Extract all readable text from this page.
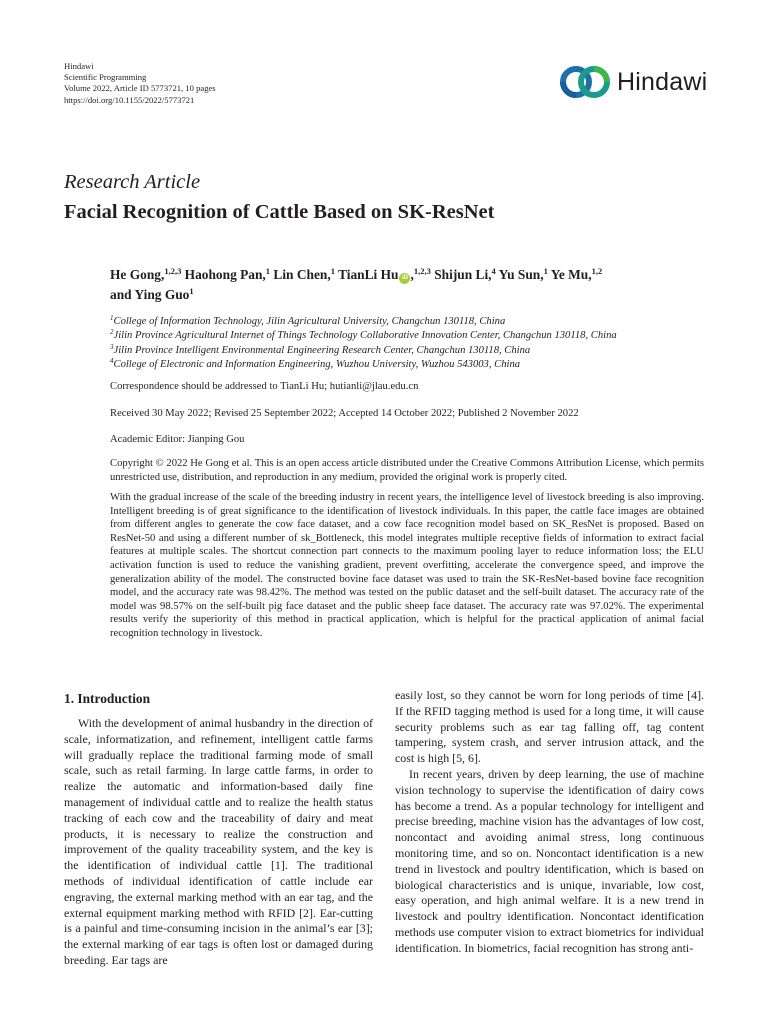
Hindawi
Scientific Programming
Volume 2022, Article ID 5773721, 10 pages
https://doi.org/10.1155/2022/5773721
Hindawi
Research Article
Facial Recognition of Cattle Based on SK-ResNet
He Gong,$^{1,2,3}$ Haohong Pan,$^1$ Lin Chen,$^1$ TianLi Hu iD ,$^{1,2,3}$ Shijun Li,$^4$ Yu Sun,$^1$ Ye Mu,$^{1,2}$
and Ying Guo$^1$
$^1$College of Information Technology, Jilin Agricultural University, Changchun 130118, China
$^2$Jilin Province Agricultural Internet of Things Technology Collaborative Innovation Center, Changchun 130118, China
$^3$Jilin Province Intelligent Environmental Engineering Research Center, Changchun 130118, China
$^4$College of Electronic and Information Engineering, Wuzhou University, Wuzhou 543003, China
Correspondence should be addressed to TianLi Hu; hutianli@jlau.edu.cn
Received 30 May 2022; Revised 25 September 2022; Accepted 14 October 2022; Published 2 November 2022
Academic Editor: Jianping Gou
Copyright © 2022 He Gong et al. This is an open access article distributed under the Creative Commons Attribution License, which permits unrestricted use, distribution, and reproduction in any medium, provided the original work is properly cited.
With the gradual increase of the scale of the breeding industry in recent years, the intelligence level of livestock breeding is also improving. Intelligent breeding is of great significance to the identification of livestock individuals. In this paper, the cattle face images are obtained from different angles to generate the cow face dataset, and a cow face recognition model based on SK_ResNet is proposed. Based on ResNet-50 and using a different number of sk_Bottleneck, this model integrates multiple receptive fields of information to extract facial features at multiple scales. The shortcut connection part connects to the maximum pooling layer to reduce information loss; the ELU activation function is used to reduce the vanishing gradient, prevent overfitting, accelerate the convergence speed, and improve the generalization ability of the model. The constructed bovine face dataset was used to train the SK-ResNet-based bovine face recognition model, and the accuracy rate was 98.42%. The method was tested on the public dataset and the self-built dataset. The accuracy rate of the model was 98.57% on the self-built pig face dataset and the public sheep face dataset. The accuracy rate was 97.02%. The experimental results verify the superiority of this method in practical application, which is helpful for the practical application of animal facial recognition technology in livestock.
1. Introduction

With the development of animal husbandry in the direction of scale, informatization, and refinement, intelligent cattle farms will gradually replace the traditional farming mode of small scale, such as retail farming. In large cattle farms, in order to realize the automatic and information-based daily fine management of individual cattle and to realize the health status tracking of each cow and the traceability of dairy and meat products, it is necessary to realize the construction and improvement of the quality traceability system, and the key is the identification of individual cattle [1]. The traditional methods of individual identification of cattle include ear engraving, the external marking method with an ear tag, and the external equipment marking method with RFID [2]. Ear-cutting is a painful and time-consuming incision in the animal’s ear [3]; the external marking of ear tags is often lost or damaged during breeding. Ear tags are

easily lost, so they cannot be worn for long periods of time [4]. If the RFID tagging method is used for a long time, it will cause security problems such as ear tag falling off, tag content tampering, system crash, and server intrusion attack, and the cost is high [5, 6].

In recent years, driven by deep learning, the use of machine vision technology to supervise the identification of dairy cows has become a trend. As a popular technology for intelligent and precise breeding, machine vision has the advantages of low cost, noncontact and avoiding animal stress, long continuous monitoring time, and so on. Noncontact identification is a new trend in livestock and poultry identification, which is based on biological characteristics and is unique, invariable, low cost, easy operation, and high animal welfare. It is a new trend in livestock and poultry identification. Noncontact identification methods use computer vision to extract biometrics for individual identification. In biometrics, facial recognition has strong anti-
